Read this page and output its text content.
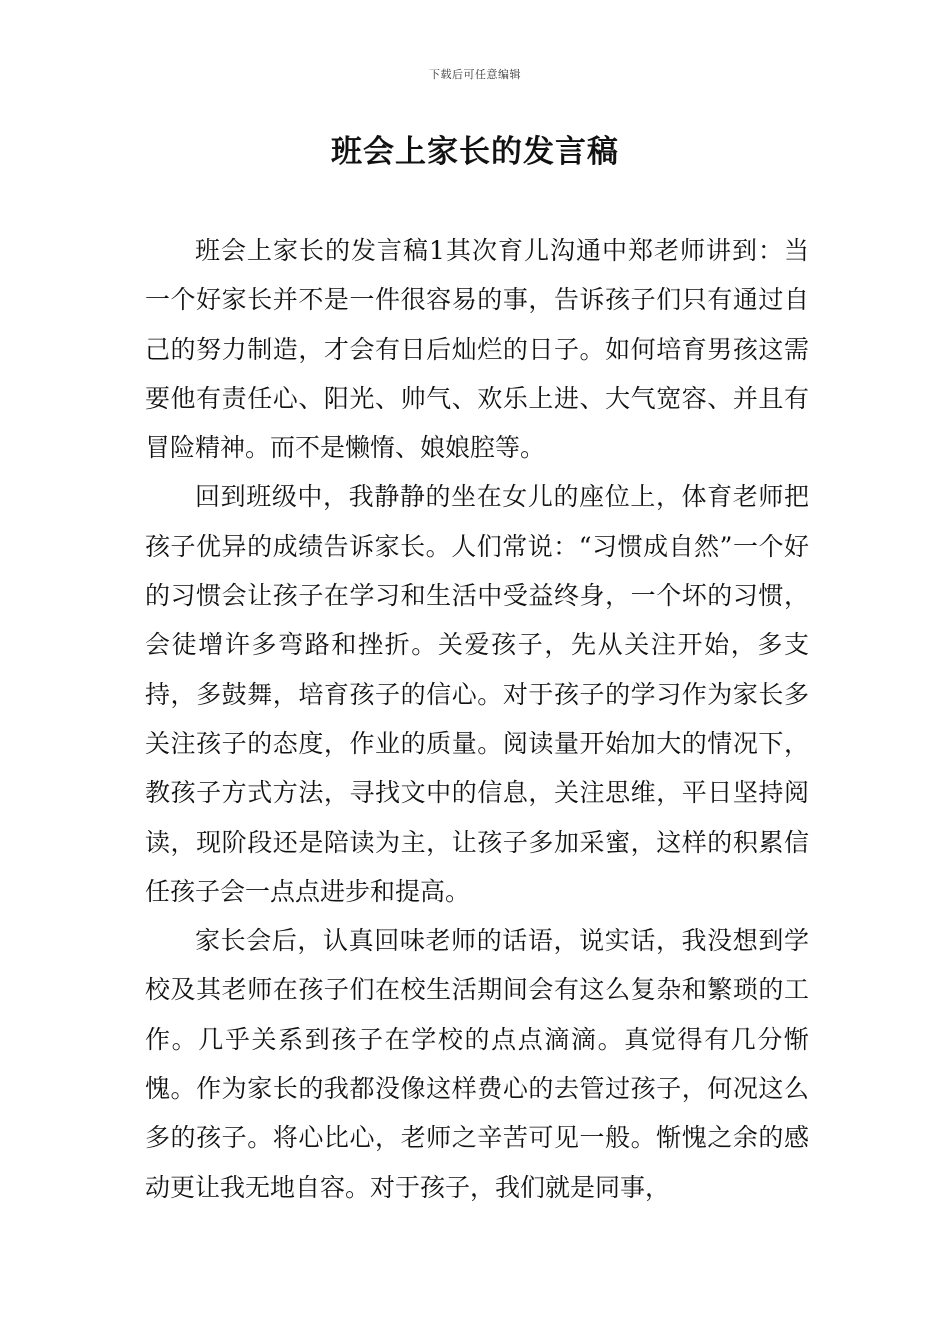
下载后可任意编辑
班会上家长的发言稿

班会上家长的发言稿1其次育儿沟通中郑老师讲到：当一个好家长并不是一件很容易的事，告诉孩子们只有通过自己的努力制造，才会有日后灿烂的日子。如何培育男孩这需要他有责任心、阳光、帅气、欢乐上进、大气宽容、并且有冒险精神。而不是懒惰、娘娘腔等。

回到班级中，我静静的坐在女儿的座位上，体育老师把孩子优异的成绩告诉家长。人们常说：“习惯成自然”一个好的习惯会让孩子在学习和生活中受益终身，一个坏的习惯，会徒增许多弯路和挫折。关爱孩子，先从关注开始，多支持，多鼓舞，培育孩子的信心。对于孩子的学习作为家长多关注孩子的态度，作业的质量。阅读量开始加大的情况下，教孩子方式方法，寻找文中的信息，关注思维，平日坚持阅读，现阶段还是陪读为主，让孩子多加采蜜，这样的积累信任孩子会一点点进步和提高。

家长会后，认真回味老师的话语，说实话，我没想到学校及其老师在孩子们在校生活期间会有这么复杂和繁琐的工作。几乎关系到孩子在学校的点点滴滴。真觉得有几分惭愧。作为家长的我都没像这样费心的去管过孩子，何况这么多的孩子。将心比心，老师之辛苦可见一般。惭愧之余的感动更让我无地自容。对于孩子，我们就是同事，
